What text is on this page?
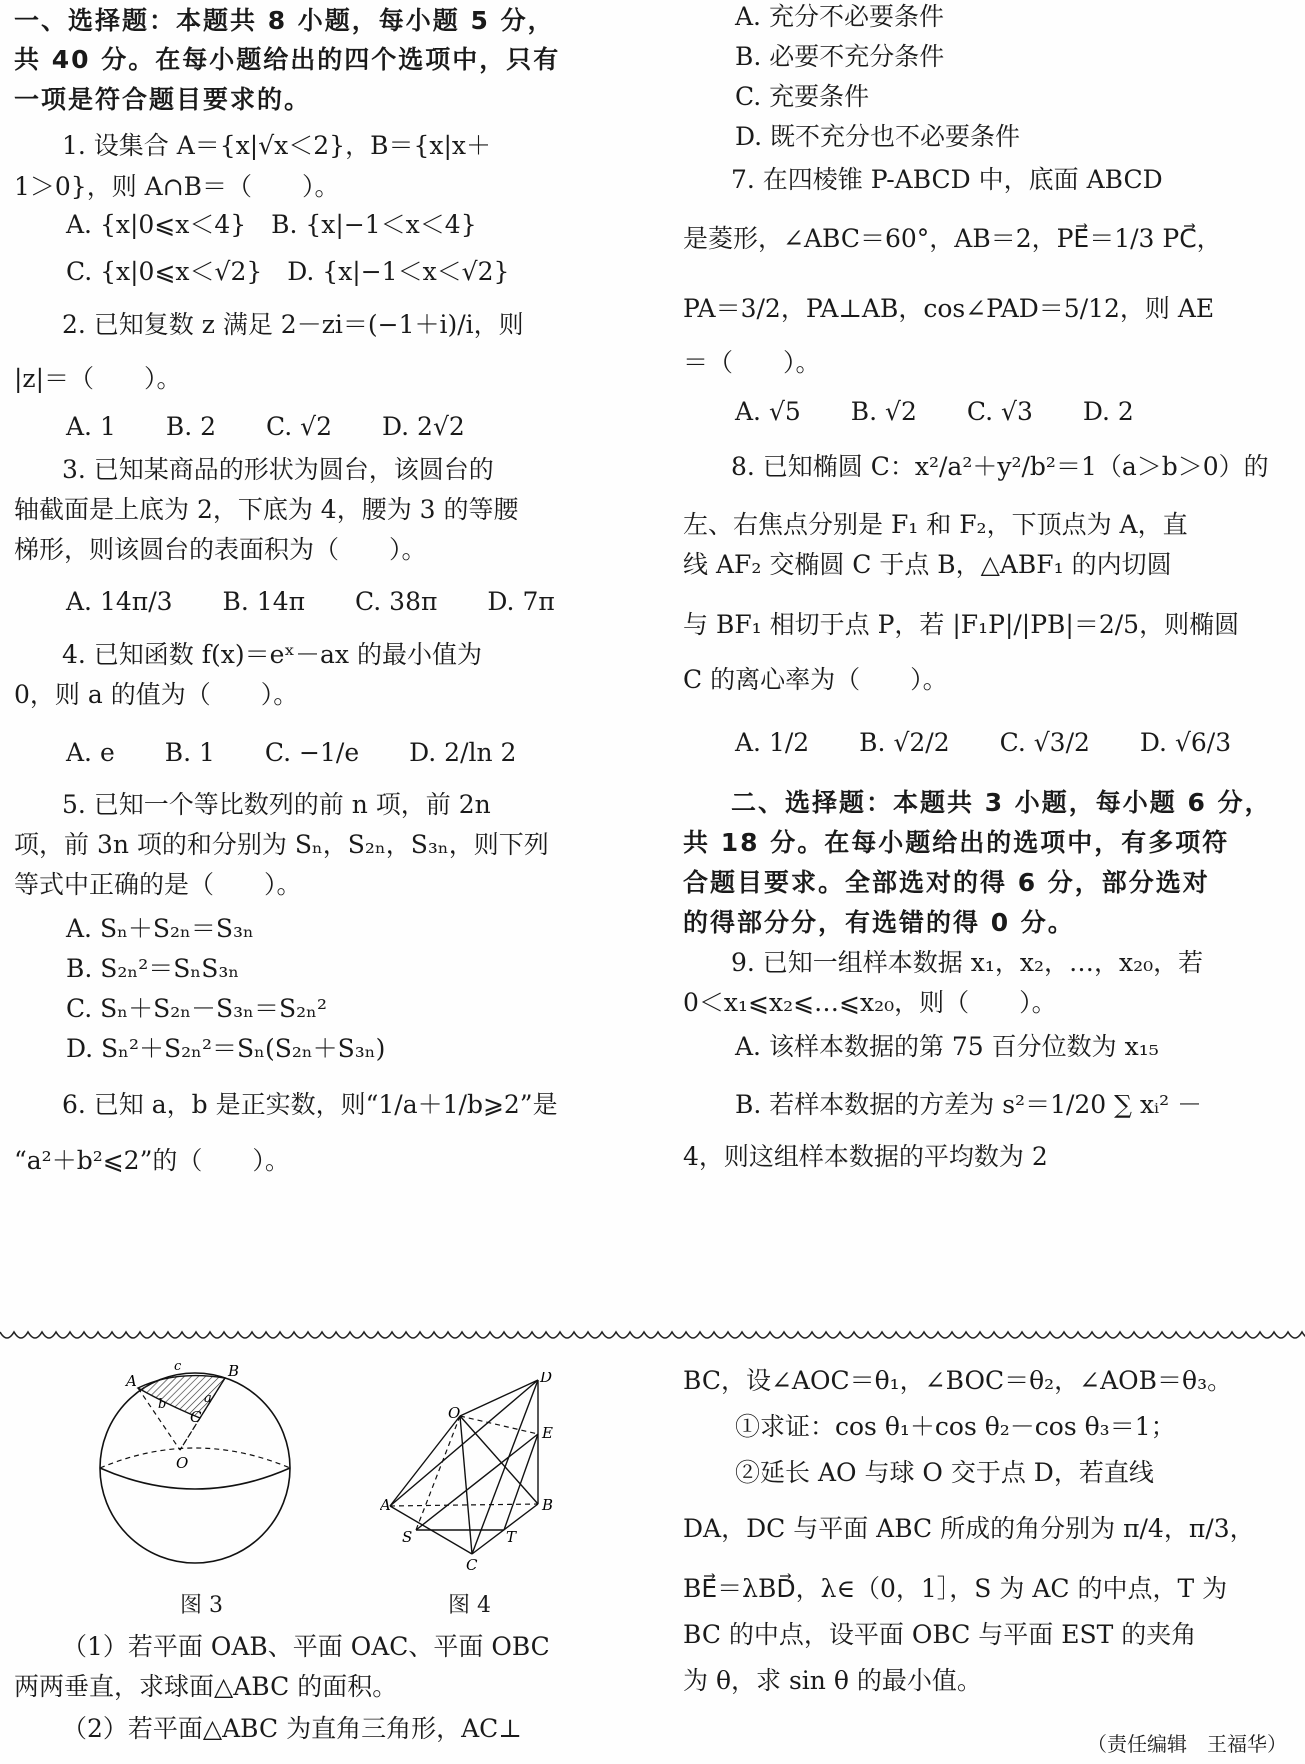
一、选择题：本题共 8 小题，每小题 5 分，
共 40 分。在每小题给出的四个选项中，只有
一项是符合题目要求的。
1. 设集合 A＝{x|√x＜2}，B＝{x|x＋
1＞0}，则 A∩B＝（　　）。
A. {x|0⩽x＜4}　B. {x|−1＜x＜4}
C. {x|0⩽x＜√2}　D. {x|−1＜x＜√2}
2. 已知复数 z 满足 2－zi＝(−1＋i)/i，则
|z|＝（　　）。
A. 1　　B. 2　　C. √2　　D. 2√2
3. 已知某商品的形状为圆台，该圆台的
轴截面是上底为 2，下底为 4，腰为 3 的等腰
梯形，则该圆台的表面积为（　　）。
A. 14π/3　　B. 14π　　C. 38π　　D. 7π
4. 已知函数 f(x)＝eˣ－ax 的最小值为
0，则 a 的值为（　　）。
A. e　　B. 1　　C. −1/e　　D. 2/ln 2
5. 已知一个等比数列的前 n 项，前 2n
项，前 3n 项的和分别为 Sₙ，S₂ₙ，S₃ₙ，则下列
等式中正确的是（　　）。
A. Sₙ＋S₂ₙ＝S₃ₙ
B. S₂ₙ²＝SₙS₃ₙ
C. Sₙ＋S₂ₙ－S₃ₙ＝S₂ₙ²
D. Sₙ²＋S₂ₙ²＝Sₙ(S₂ₙ＋S₃ₙ)
6. 已知 a，b 是正实数，则“1/a＋1/b⩾2”是
“a²＋b²⩽2”的（　　）。
A. 充分不必要条件
B. 必要不充分条件
C. 充要条件
D. 既不充分也不必要条件
7. 在四棱锥 P-ABCD 中，底面 ABCD
是菱形，∠ABC＝60°，AB＝2，PE⃗＝1/3 PC⃗，
PA＝3/2，PA⊥AB，cos∠PAD＝5/12，则 AE
＝（　　）。
A. √5　　B. √2　　C. √3　　D. 2
8. 已知椭圆 C：x²/a²＋y²/b²＝1（a＞b＞0）的
左、右焦点分别是 F₁ 和 F₂，下顶点为 A，直
线 AF₂ 交椭圆 C 于点 B，△ABF₁ 的内切圆
与 BF₁ 相切于点 P，若 |F₁P|/|PB|＝2/5，则椭圆
C 的离心率为（　　）。
A. 1/2　　B. √2/2　　C. √3/2　　D. √6/3
二、选择题：本题共 3 小题，每小题 6 分，
共 18 分。在每小题给出的选项中，有多项符
合题目要求。全部选对的得 6 分，部分选对
的得部分分，有选错的得 0 分。
9. 已知一组样本数据 x₁，x₂，…，x₂₀，若
0＜x₁⩽x₂⩽…⩽x₂₀，则（　　）。
A. 该样本数据的第 75 百分位数为 x₁₅
B. 若样本数据的方差为 s²＝1/20 ∑ xᵢ² －
4，则这组样本数据的平均数为 2
A
B
c
b	a
C
O
图 3
D
O
E
A	B
S	T
C
图 4
（1）若平面 OAB、平面 OAC、平面 OBC
两两垂直，求球面△ABC 的面积。
（2）若平面△ABC 为直角三角形，AC⊥
BC，设∠AOC＝θ₁，∠BOC＝θ₂，∠AOB＝θ₃。
①求证：cos θ₁＋cos θ₂－cos θ₃＝1；
②延长 AO 与球 O 交于点 D，若直线
DA，DC 与平面 ABC 所成的角分别为 π/4，π/3，
BE⃗＝λBD⃗，λ∈（0，1］，S 为 AC 的中点，T 为
BC 的中点，设平面 OBC 与平面 EST 的夹角
为 θ，求 sin θ 的最小值。
（责任编辑　王福华）
